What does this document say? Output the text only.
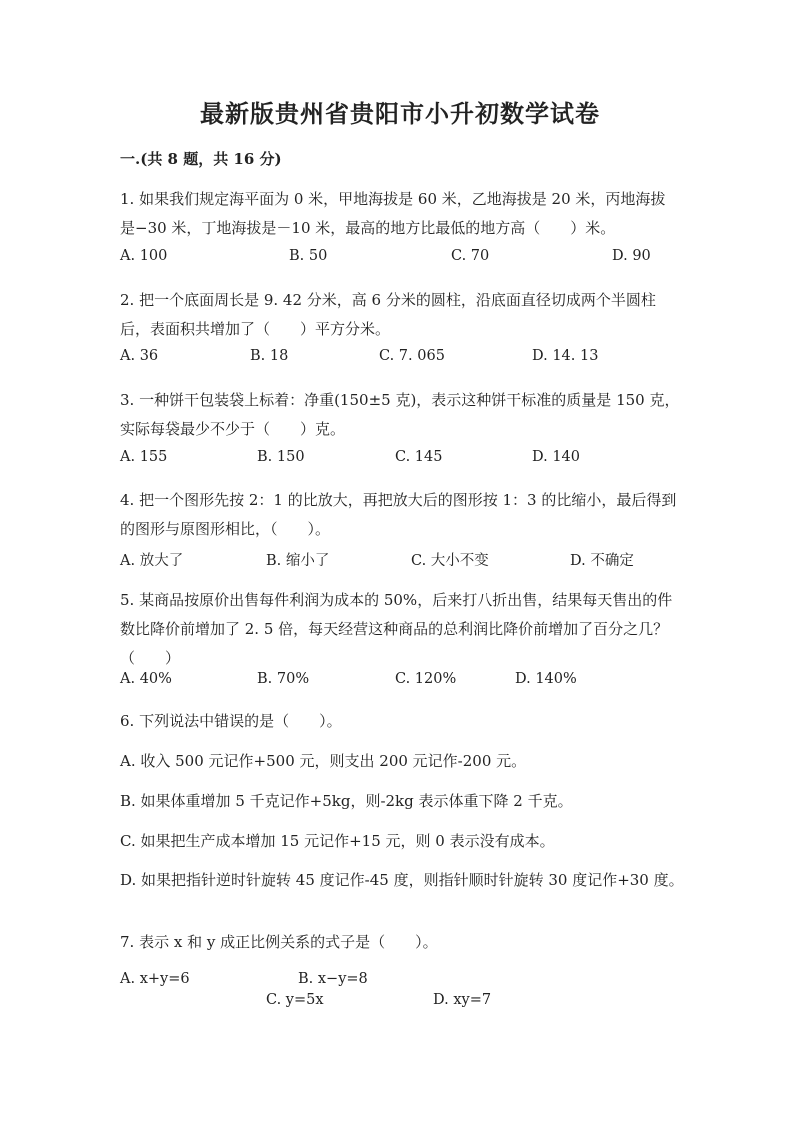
最新版贵州省贵阳市小升初数学试卷
一.(共 8 题，共 16 分)
1. 如果我们规定海平面为 0 米，甲地海拔是 60 米，乙地海拔是 20 米，丙地海拔是−30 米，丁地海拔是－10 米，最高的地方比最低的地方高（　　）米。
A. 100	B. 50	C. 70	D. 90
2. 把一个底面周长是 9. 42 分米，高 6 分米的圆柱，沿底面直径切成两个半圆柱后，表面积共增加了（　　）平方分米。
A. 36	B. 18	C. 7. 065	D. 14. 13
3. 一种饼干包装袋上标着：净重(150±5 克)，表示这种饼干标准的质量是 150 克，实际每袋最少不少于（　　）克。
A. 155	B. 150	C. 145	D. 140
4. 把一个图形先按 2：1 的比放大，再把放大后的图形按 1：3 的比缩小，最后得到的图形与原图形相比，（　　）。
A. 放大了	B. 缩小了	C. 大小不变	D. 不确定
5. 某商品按原价出售每件利润为成本的 50%，后来打八折出售，结果每天售出的件数比降价前增加了 2. 5 倍，每天经营这种商品的总利润比降价前增加了百分之几？（　　）
A. 40%	B. 70%	C. 120%	D. 140%
6. 下列说法中错误的是（　　）。
A. 收入 500 元记作+500 元，则支出 200 元记作-200 元。
B. 如果体重增加 5 千克记作+5kg，则-2kg 表示体重下降 2 千克。
C. 如果把生产成本增加 15 元记作+15 元，则 0 表示没有成本。
D. 如果把指针逆时针旋转 45 度记作-45 度，则指针顺时针旋转 30 度记作+30 度。
7. 表示 x 和 y 成正比例关系的式子是（　　）。
A. x+y=6	B. x−y=8
C. y=5x	D. xy=7
